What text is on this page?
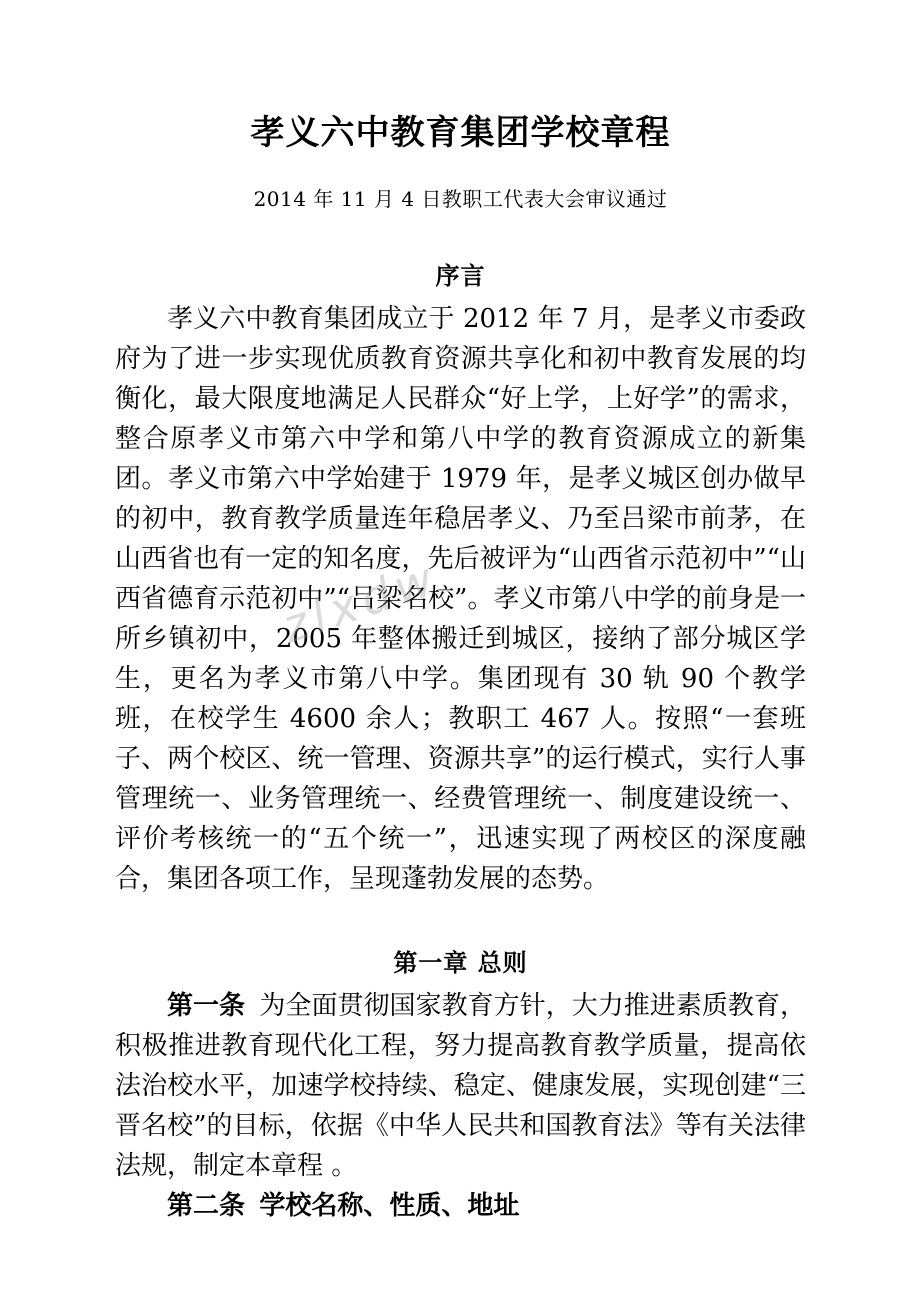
孝义六中教育集团学校章程
2014 年 11 月 4 日教职工代表大会审议通过
序言

孝义六中教育集团成立于 2012 年 7 月，是孝义市委政府为了进一步实现优质教育资源共享化和初中教育发展的均衡化，最大限度地满足人民群众“好上学，上好学”的需求，整合原孝义市第六中学和第八中学的教育资源成立的新集团。孝义市第六中学始建于 1979 年，是孝义城区创办做早的初中，教育教学质量连年稳居孝义、乃至吕梁市前茅，在山西省也有一定的知名度，先后被评为“山西省示范初中”“山西省德育示范初中”“吕梁名校”。孝义市第八中学的前身是一所乡镇初中，2005 年整体搬迁到城区，接纳了部分城区学生，更名为孝义市第八中学。集团现有 30 轨 90 个教学班，在校学生 4600 余人；教职工 467 人。按照“一套班子、两个校区、统一管理、资源共享”的运行模式，实行人事管理统一、业务管理统一、经费管理统一、制度建设统一、评价考核统一的“五个统一”，迅速实现了两校区的深度融合，集团各项工作，呈现蓬勃发展的态势。

第一章 总则

第一条 为全面贯彻国家教育方针，大力推进素质教育，积极推进教育现代化工程，努力提高教育教学质量，提高依法治校水平，加速学校持续、稳定、健康发展，实现创建“三晋名校”的目标，依据《中华人民共和国教育法》等有关法律法规，制定本章程 。

第二条 学校名称、性质、地址

zlxdw
